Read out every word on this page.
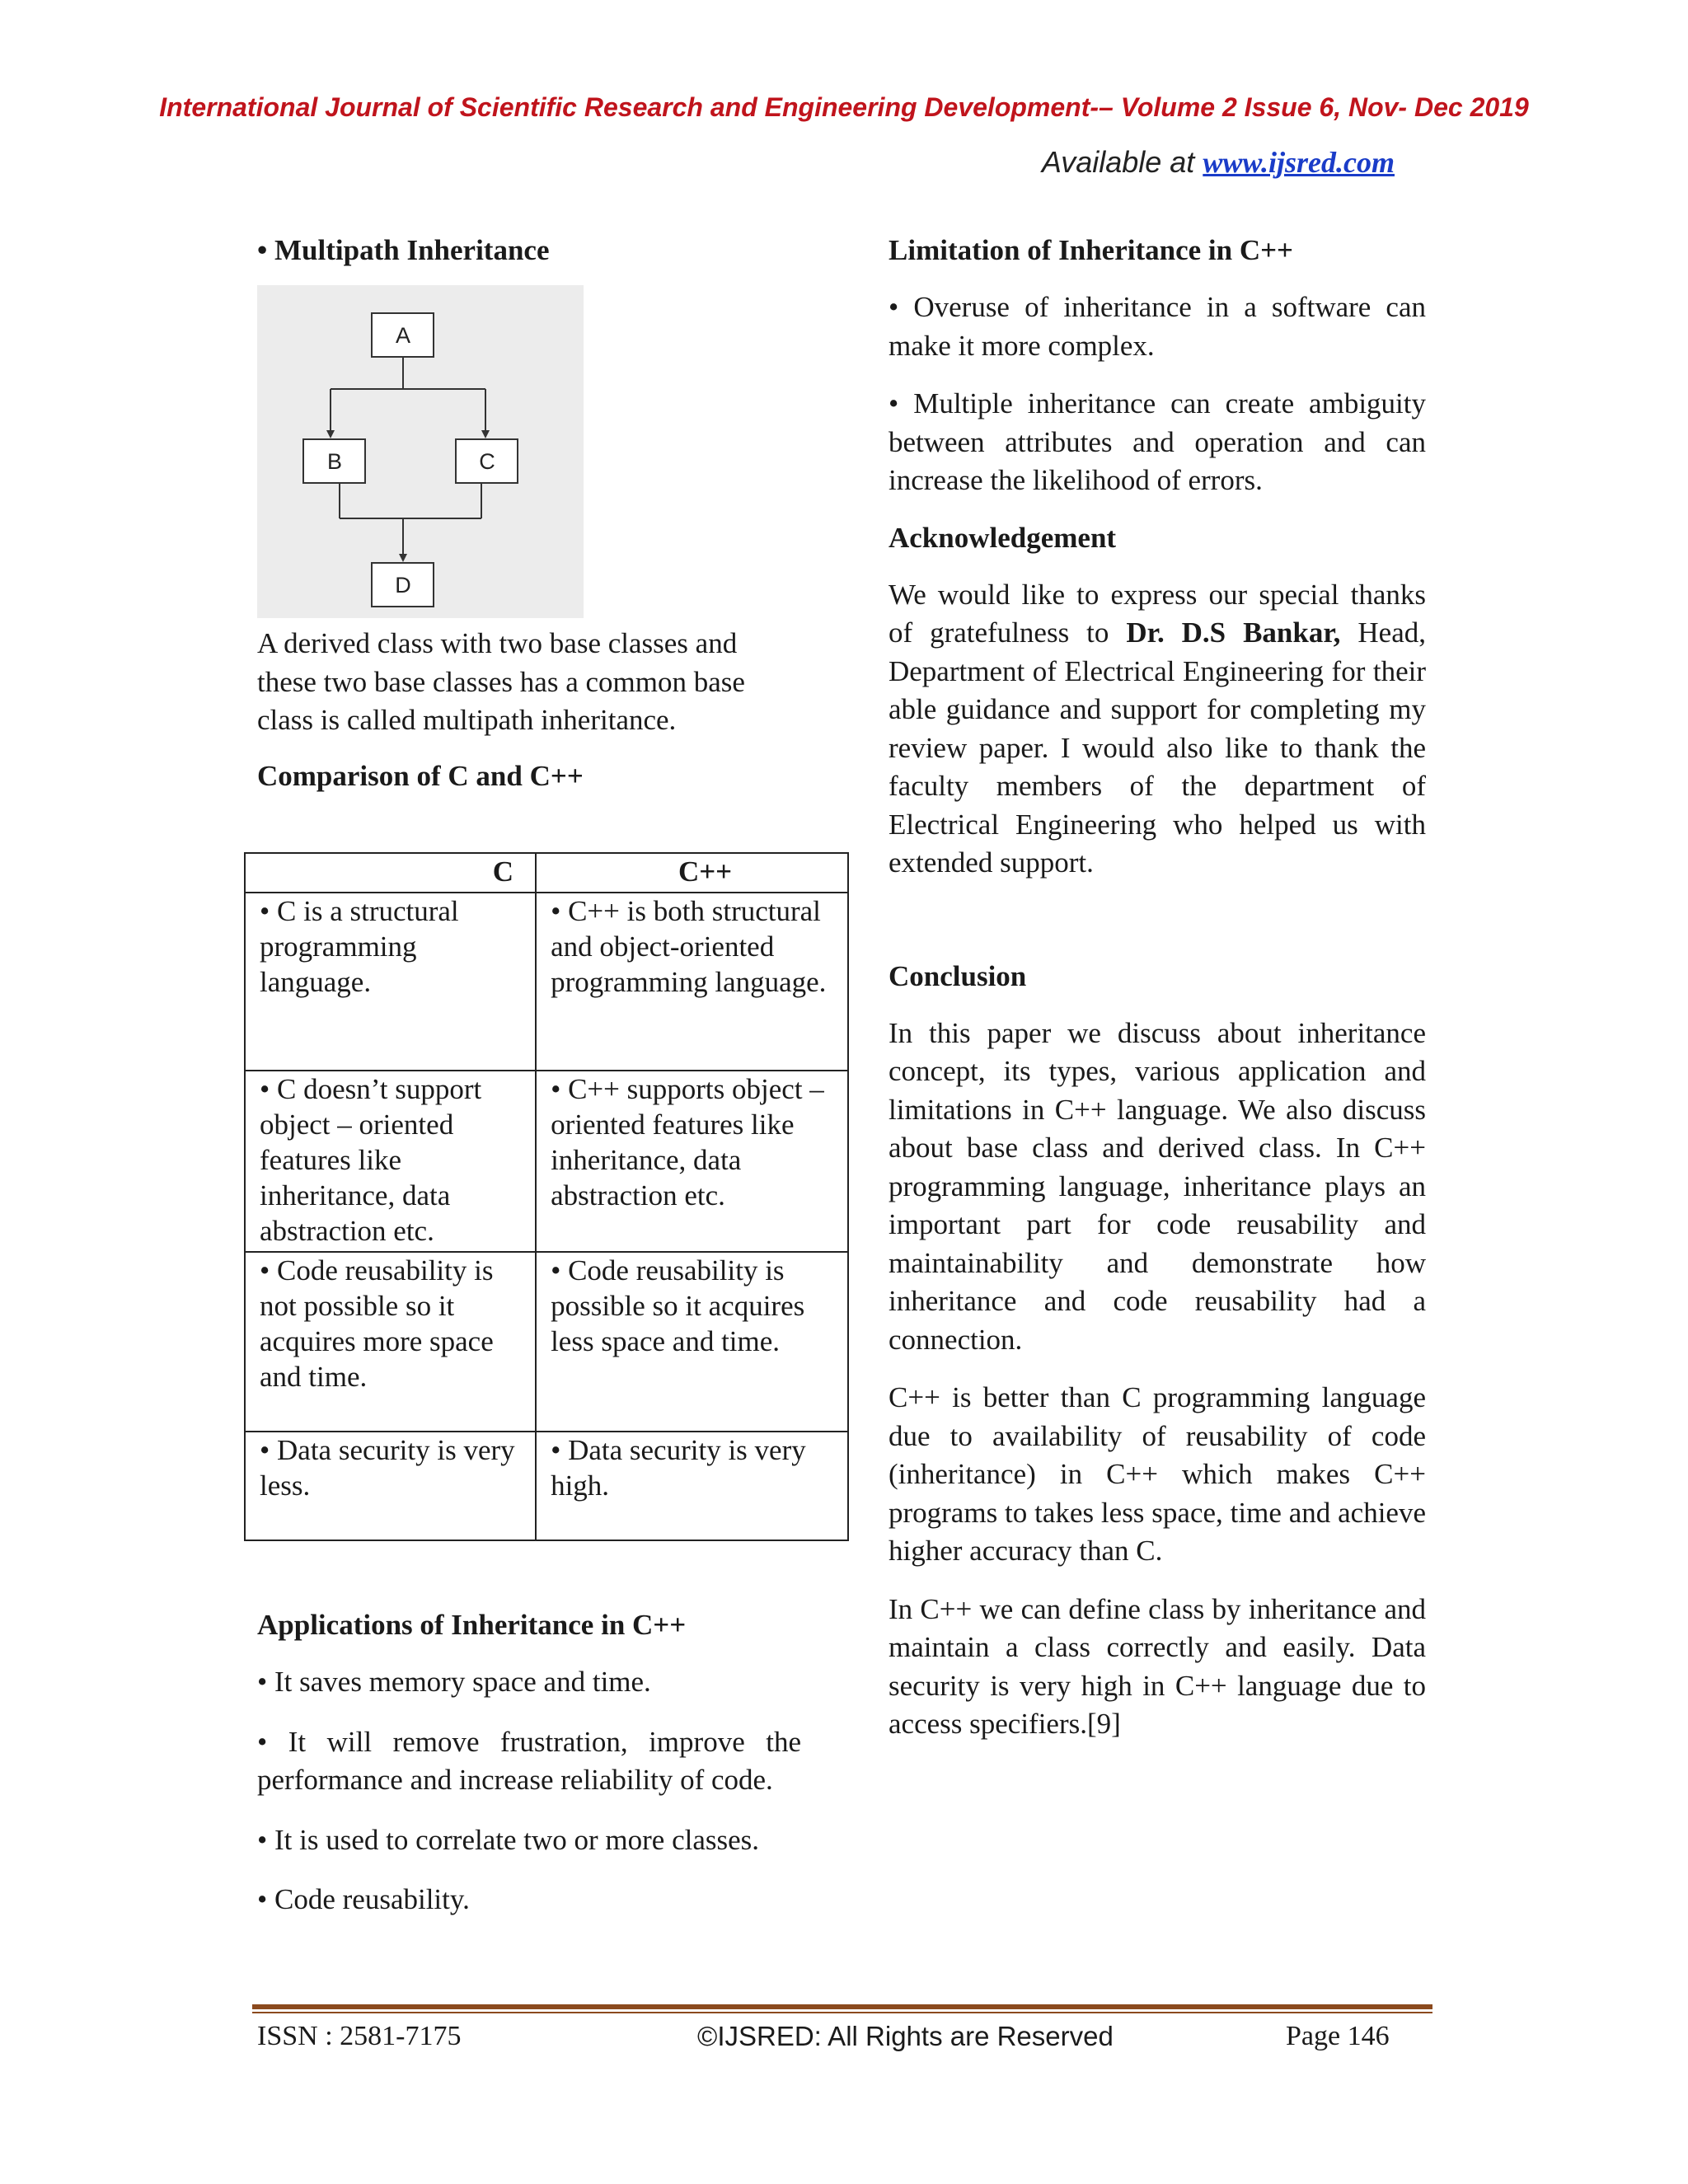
International Journal of Scientific Research and Engineering Development-– Volume 2 Issue 6, Nov- Dec 2019
Available at www.ijsred.com

• Multipath Inheritance

A
B	C
D

A derived class with two base classes and these two base classes has a common base class is called multipath inheritance.

Comparison of C and C++

C	C++
• C is a structural programming language.	• C++ is both structural and object-oriented programming language.
• C doesn’t support object – oriented features like inheritance, data abstraction etc.	• C++ supports object – oriented features like inheritance, data abstraction etc.
• Code reusability is not possible so it acquires more space and time.	• Code reusability is possible so it acquires less space and time.
• Data security is very less.	• Data security is very high.

Applications of Inheritance in C++

• It saves memory space and time.

• It will remove frustration, improve the performance and increase reliability of code.

• It is used to correlate two or more classes.

• Code reusability.

Limitation of Inheritance in C++

• Overuse of inheritance in a software can make it more complex.

• Multiple inheritance can create ambiguity between attributes and operation and can increase the likelihood of errors.

Acknowledgement

We would like to express our special thanks of gratefulness to Dr. D.S Bankar, Head, Department of Electrical Engineering for their able guidance and support for completing my review paper. I would also like to thank the faculty members of the department of Electrical Engineering who helped us with extended support.

Conclusion

In this paper we discuss about inheritance concept, its types, various application and limitations in C++ language. We also discuss about base class and derived class. In C++ programming language, inheritance plays an important part for code reusability and maintainability and demonstrate how inheritance and code reusability had a connection.

C++ is better than C programming language due to availability of reusability of code (inheritance) in C++ which makes C++ programs to takes less space, time and achieve higher accuracy than C.

In C++ we can define class by inheritance and maintain a class correctly and easily. Data security is very high in C++ language due to access specifiers.[9]

ISSN : 2581-7175	©IJSRED: All Rights are Reserved	Page 146
